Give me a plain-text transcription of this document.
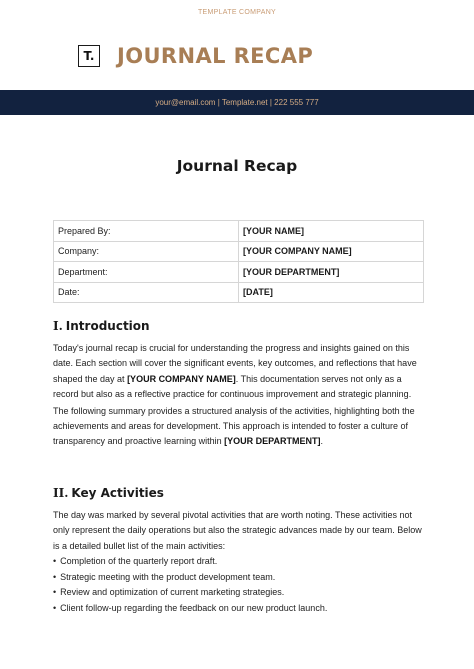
TEMPLATE COMPANY
T. JOURNAL RECAP
your@email.com | Template.net | 222 555 777
Journal Recap
Prepared By:	[YOUR NAME]
Company:	[YOUR COMPANY NAME]
Department:	[YOUR DEPARTMENT]
Date:	[DATE]
I. Introduction

Today's journal recap is crucial for understanding the progress and insights gained on this date. Each section will cover the significant events, key outcomes, and reflections that have shaped the day at [YOUR COMPANY NAME]. This documentation serves not only as a record but also as a reflective practice for continuous improvement and strategic planning.

The following summary provides a structured analysis of the activities, highlighting both the achievements and areas for development. This approach is intended to foster a culture of transparency and proactive learning within [YOUR DEPARTMENT].

II. Key Activities

The day was marked by several pivotal activities that are worth noting. These activities not only represent the daily operations but also the strategic advances made by our team. Below is a detailed bullet list of the main activities:

• Completion of the quarterly report draft.
• Strategic meeting with the product development team.
• Review and optimization of current marketing strategies.
• Client follow-up regarding the feedback on our new product launch.
